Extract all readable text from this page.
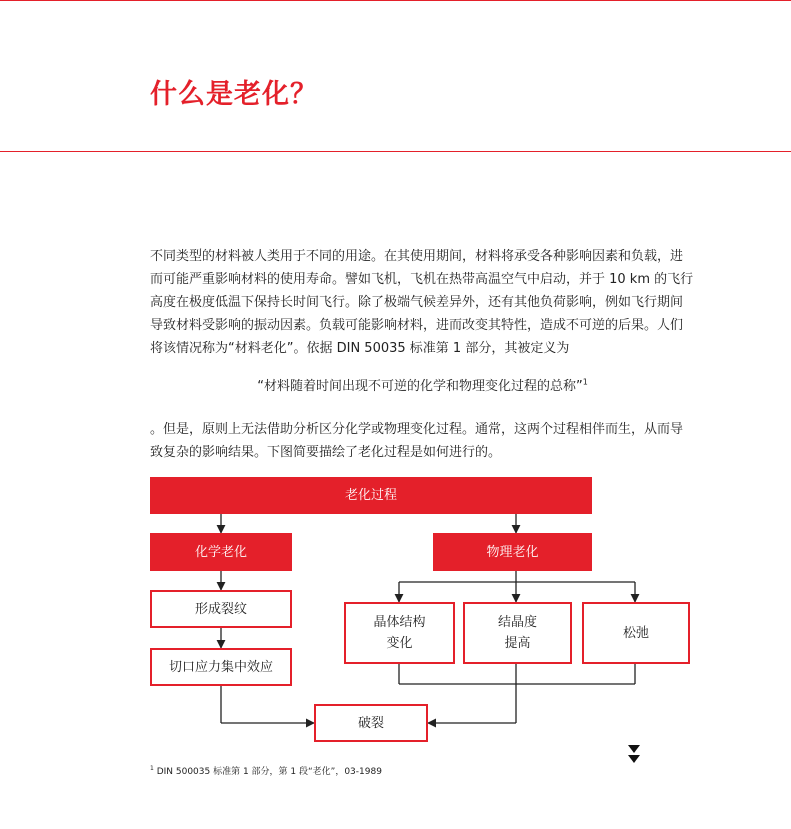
什么是老化？

不同类型的材料被人类用于不同的用途。在其使用期间，材料将承受各种影响因素和负载，进而可能严重影响材料的使用寿命。譬如飞机，飞机在热带高温空气中启动，并于 10 km 的飞行高度在极度低温下保持长时间飞行。除了极端气候差异外，还有其他负荷影响，例如飞行期间导致材料受影响的振动因素。负载可能影响材料，进而改变其特性，造成不可逆的后果。人们将该情况称为“材料老化”。依据 DIN 50035 标准第 1 部分，其被定义为

“材料随着时间出现不可逆的化学和物理变化过程的总称”$^1$

。但是，原则上无法借助分析区分化学或物理变化过程。通常，这两个过程相伴而生，从而导致复杂的影响结果。下图简要描绘了老化过程是如何进行的。

老化过程
化学老化	物理老化
形成裂纹
切口应力集中效应
晶体结构
变化
结晶度
提高
松弛
破裂
$^1$ DIN 500035 标准第 1 部分，第 1 段“老化”，03-1989
